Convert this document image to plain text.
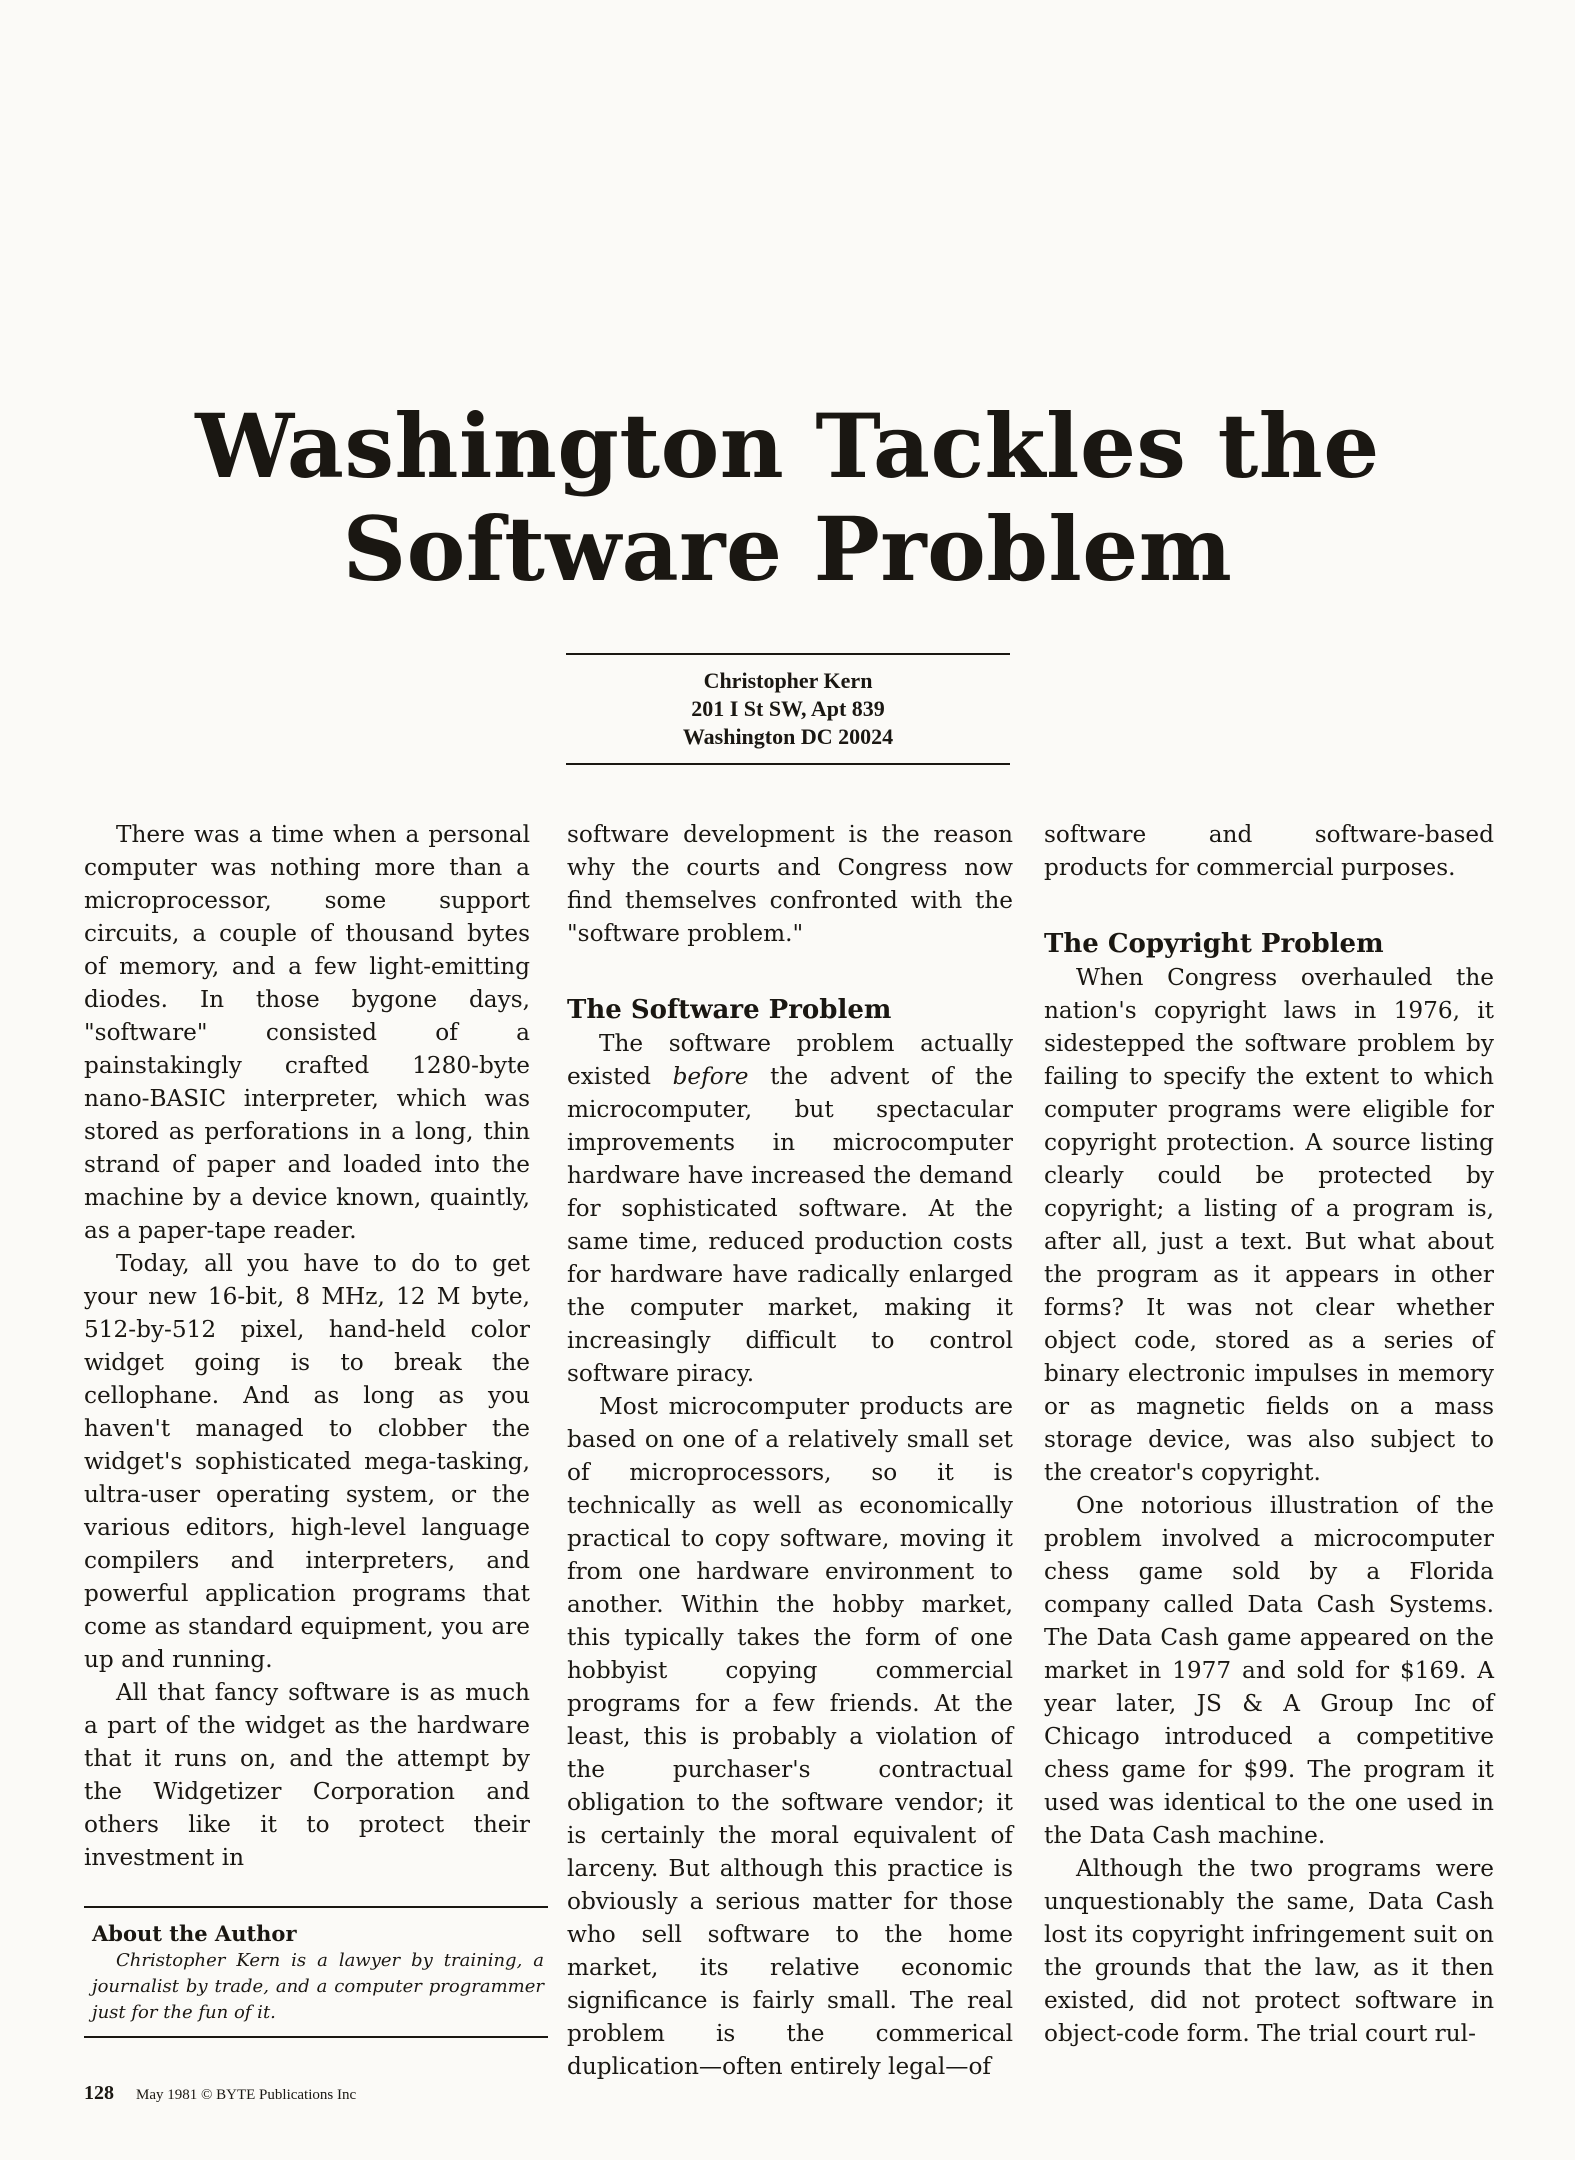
Washington Tackles the
Software Problem
Christopher Kern
201 I St SW, Apt 839
Washington DC 20024

There was a time when a personal computer was nothing more than a microprocessor, some support circuits, a couple of thousand bytes of memory, and a few light-emitting diodes. In those bygone days, "software" consisted of a painstakingly crafted 1280-byte nano-BASIC interpreter, which was stored as perforations in a long, thin strand of paper and loaded into the machine by a device known, quaintly, as a paper-tape reader.

Today, all you have to do to get your new 16-bit, 8 MHz, 12 M byte, 512-by-512 pixel, hand-held color widget going is to break the cellophane. And as long as you haven't managed to clobber the widget's sophisticated mega-tasking, ultra-user operating system, or the various editors, high-level language compilers and interpreters, and powerful application programs that come as standard equipment, you are up and running.

All that fancy software is as much a part of the widget as the hardware that it runs on, and the attempt by the Widgetizer Corporation and others like it to protect their investment in

About the Author

Christopher Kern is a lawyer by training, a journalist by trade, and a computer programmer just for the fun of it.

software development is the reason why the courts and Congress now find themselves confronted with the "software problem."

The Software Problem

The software problem actually existed before the advent of the microcomputer, but spectacular improvements in microcomputer hardware have increased the demand for sophisticated software. At the same time, reduced production costs for hardware have radically enlarged the computer market, making it increasingly difficult to control software piracy.

Most microcomputer products are based on one of a relatively small set of microprocessors, so it is technically as well as economically practical to copy software, moving it from one hardware environment to another. Within the hobby market, this typically takes the form of one hobbyist copying commercial programs for a few friends. At the least, this is probably a violation of the purchaser's contractual obligation to the software vendor; it is certainly the moral equivalent of larceny. But although this practice is obviously a serious matter for those who sell software to the home market, its relative economic significance is fairly small. The real problem is the commerical duplication—often entirely legal—of

software and software-based products for commercial purposes.

The Copyright Problem

When Congress overhauled the nation's copyright laws in 1976, it sidestepped the software problem by failing to specify the extent to which computer programs were eligible for copyright protection. A source listing clearly could be protected by copyright; a listing of a program is, after all, just a text. But what about the program as it appears in other forms? It was not clear whether object code, stored as a series of binary electronic impulses in memory or as magnetic fields on a mass storage device, was also subject to the creator's copyright.

One notorious illustration of the problem involved a microcomputer chess game sold by a Florida company called Data Cash Systems. The Data Cash game appeared on the market in 1977 and sold for $169. A year later, JS & A Group Inc of Chicago introduced a competitive chess game for $99. The program it used was identical to the one used in the Data Cash machine.

Although the two programs were unquestionably the same, Data Cash lost its copyright infringement suit on the grounds that the law, as it then existed, did not protect software in object-code form. The trial court rul-

128 May 1981 © BYTE Publications Inc
